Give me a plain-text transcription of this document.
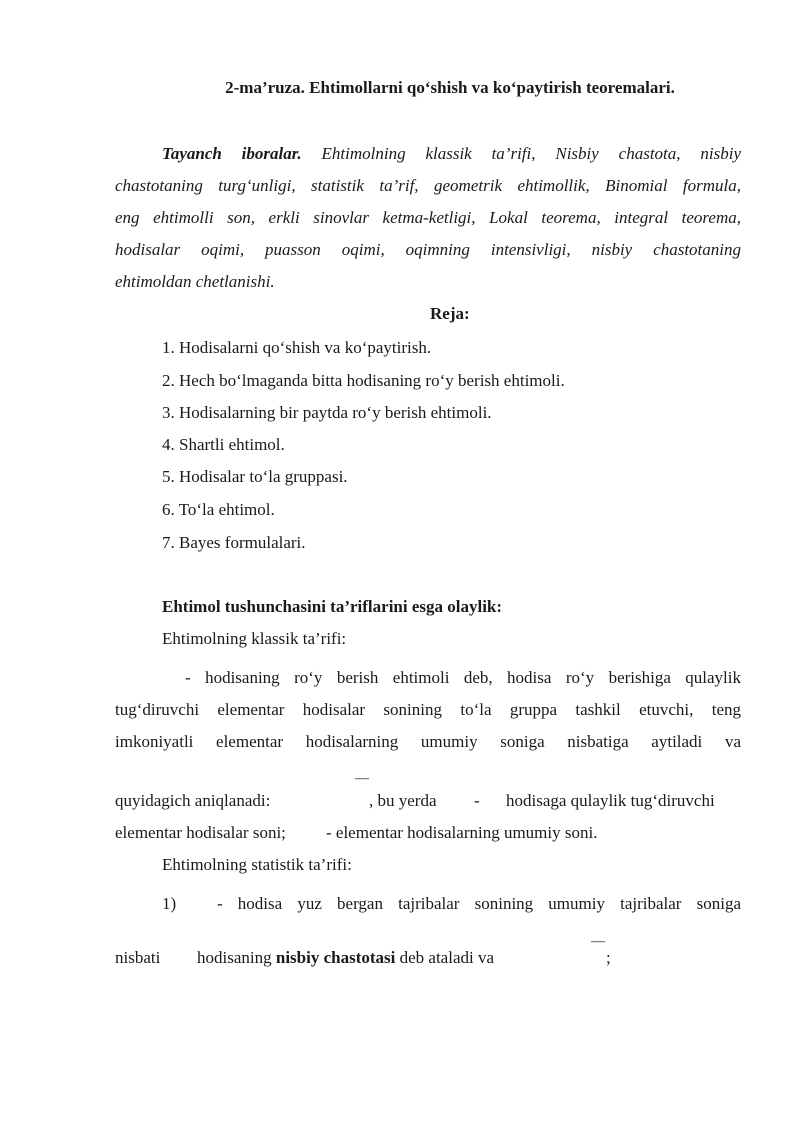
2-ma’ruza. Ehtimollarni qo‘shish va ko‘paytirish teoremalari.
Tayanch iboralar. Ehtimolning klassik ta’rifi, Nisbiy chastota, nisbiy
chastotaning turg‘unligi, statistik ta’rif, geometrik ehtimollik, Binomial formula,
eng ehtimolli son, erkli sinovlar ketma-ketligi, Lokal teorema, integral teorema,
hodisalar oqimi, puasson oqimi, oqimning intensivligi, nisbiy chastotaning
ehtimoldan chetlanishi.
Reja:
1. Hodisalarni qo‘shish va ko‘paytirish.
2. Hech bo‘lmaganda bitta hodisaning ro‘y berish ehtimoli.
3. Hodisalarning bir paytda ro‘y berish ehtimoli.
4. Shartli ehtimol.
5. Hodisalar to‘la gruppasi.
6. To‘la ehtimol.
7. Bayes formulalari.
Ehtimol tushunchasini ta’riflarini esga olaylik:
Ehtimolning klassik ta’rifi:
- hodisaning ro‘y berish ehtimoli deb, hodisa ro‘y berishiga qulaylik
tug‘diruvchi elementar hodisalar sonining to‘la gruppa tashkil etuvchi, teng
imkoniyatli elementar hodisalarning umumiy soniga nisbatiga aytiladi va
—
quyidagich aniqlanadi:	, bu yerda	-	hodisaga qulaylik tug‘diruvchi
elementar hodisalar soni;	- elementar hodisalarning umumiy soni.
Ehtimolning statistik ta’rifi:
1)	- hodisa yuz bergan tajribalar sonining umumiy tajribalar soniga
—
nisbati	hodisaning nisbiy chastotasi deb ataladi va	;
